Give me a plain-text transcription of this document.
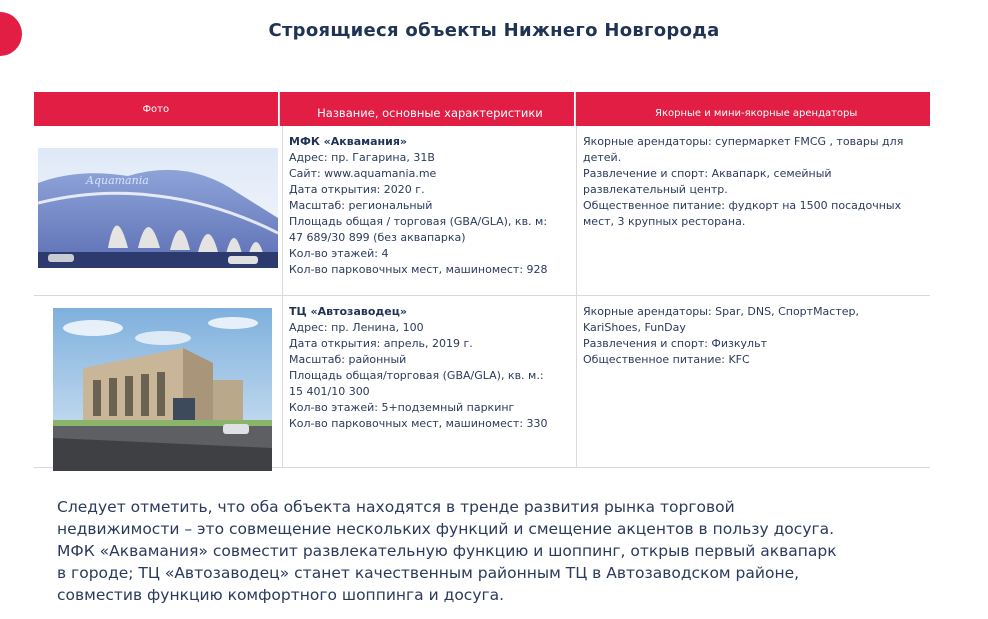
Строящиеся объекты Нижнего Новгорода
Фото	Название, основные характеристики	Якорные и мини-якорные арендаторы
Aquamania
МФК «Аквамания»
Адрес: пр. Гагарина, 31В
Сайт: www.aquamania.me
Дата открытия: 2020 г.
Масштаб: региональный
Площадь общая / торговая (GBA/GLA), кв. м:
47 689/30 899 (без аквапарка)
Кол-во этажей: 4
Кол-во парковочных мест, машиномест: 928
Якорные арендаторы: супермаркет FMCG , товары для
детей.
Развлечение и спорт: Аквапарк, семейный
развлекательный центр.
Общественное питание: фудкорт на 1500 посадочных
мест, 3 крупных ресторана.
ТЦ «Автозаводец»
Адрес: пр. Ленина, 100
Дата открытия: апрель, 2019 г.
Масштаб: районный
Площадь общая/торговая (GBA/GLA), кв. м.:
15 401/10 300
Кол-во этажей: 5+подземный паркинг
Кол-во парковочных мест, машиномест: 330
Якорные арендаторы: Spar, DNS, СпортМастер,
KariShoes, FunDay
Развлечения и спорт: Физкульт
Общественное питание: KFC
Следует отметить, что оба объекта находятся в тренде развития рынка торговой
недвижимости – это совмещение нескольких функций и смещение акцентов в пользу досуга.
МФК «Аквамания» совместит развлекательную функцию и шоппинг, открыв первый аквапарк
в городе; ТЦ «Автозаводец» станет качественным районным ТЦ в Автозаводском районе,
совместив функцию комфортного шоппинга и досуга.
